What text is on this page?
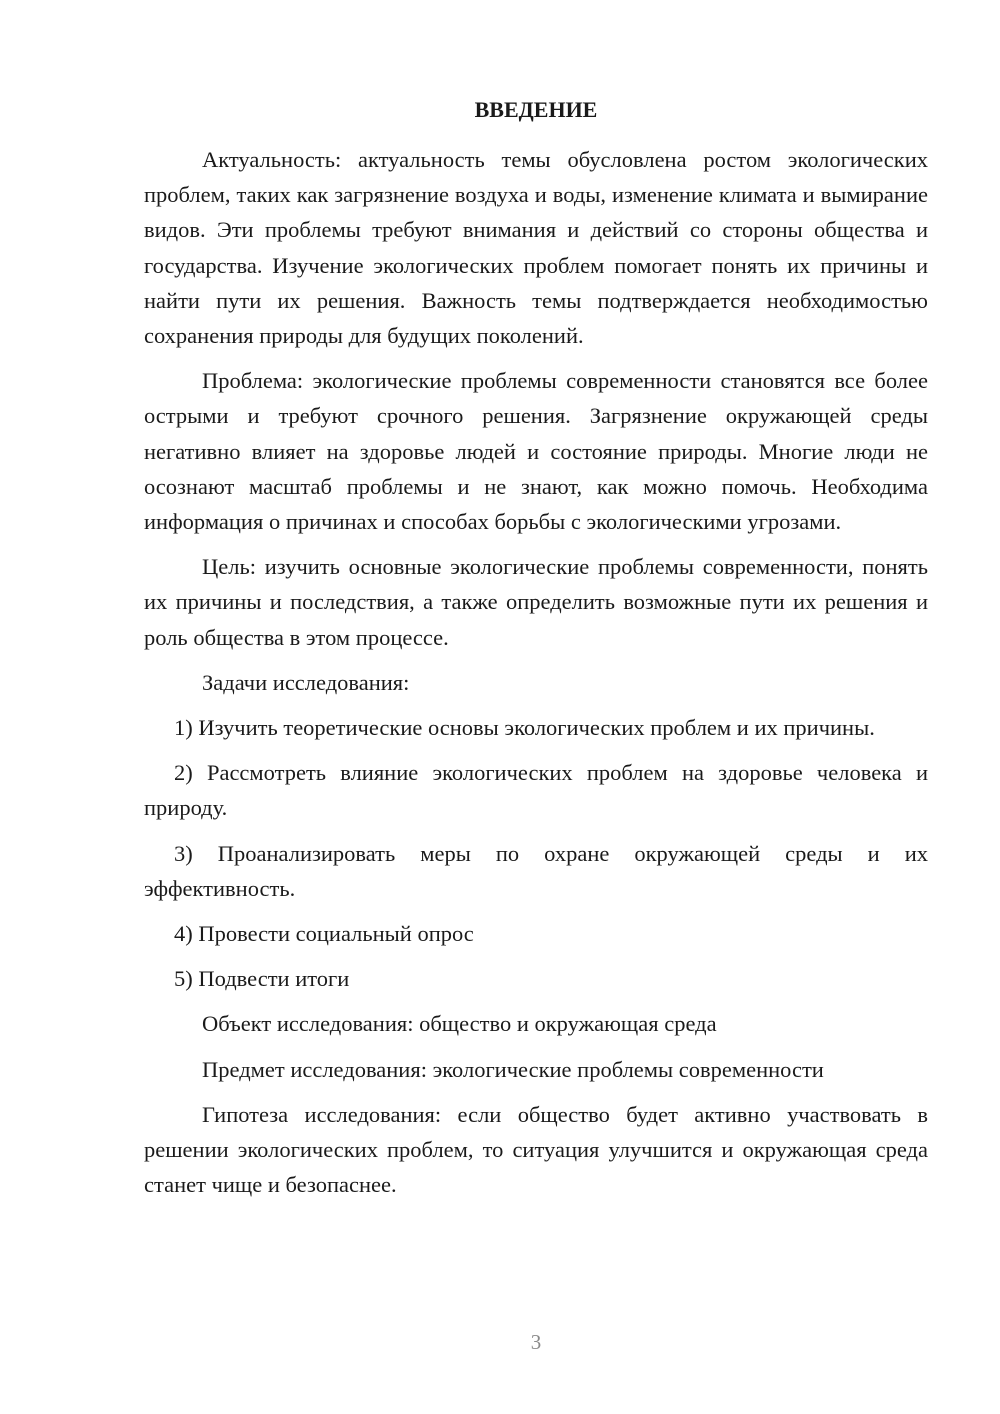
ВВЕДЕНИЕ

Актуальность: актуальность темы обусловлена ростом экологических проблем, таких как загрязнение воздуха и воды, изменение климата и вымирание видов. Эти проблемы требуют внимания и действий со стороны общества и государства. Изучение экологических проблем помогает понять их причины и найти пути их решения. Важность темы подтверждается необходимостью сохранения природы для будущих поколений.

Проблема: экологические проблемы современности становятся все более острыми и требуют срочного решения. Загрязнение окружающей среды негативно влияет на здоровье людей и состояние природы. Многие люди не осознают масштаб проблемы и не знают, как можно помочь. Необходима информация о причинах и способах борьбы с экологическими угрозами.

Цель: изучить основные экологические проблемы современности, понять их причины и последствия, а также определить возможные пути их решения и роль общества в этом процессе.

Задачи исследования:

1) Изучить теоретические основы экологических проблем и их причины.

2) Рассмотреть влияние экологических проблем на здоровье человека и природу.

3) Проанализировать меры по охране окружающей среды и их эффективность.

4) Провести социальный опрос

5) Подвести итоги

Объект исследования: общество и окружающая среда

Предмет исследования: экологические проблемы современности

Гипотеза исследования: если общество будет активно участвовать в решении экологических проблем, то ситуация улучшится и окружающая среда станет чище и безопаснее.

3
